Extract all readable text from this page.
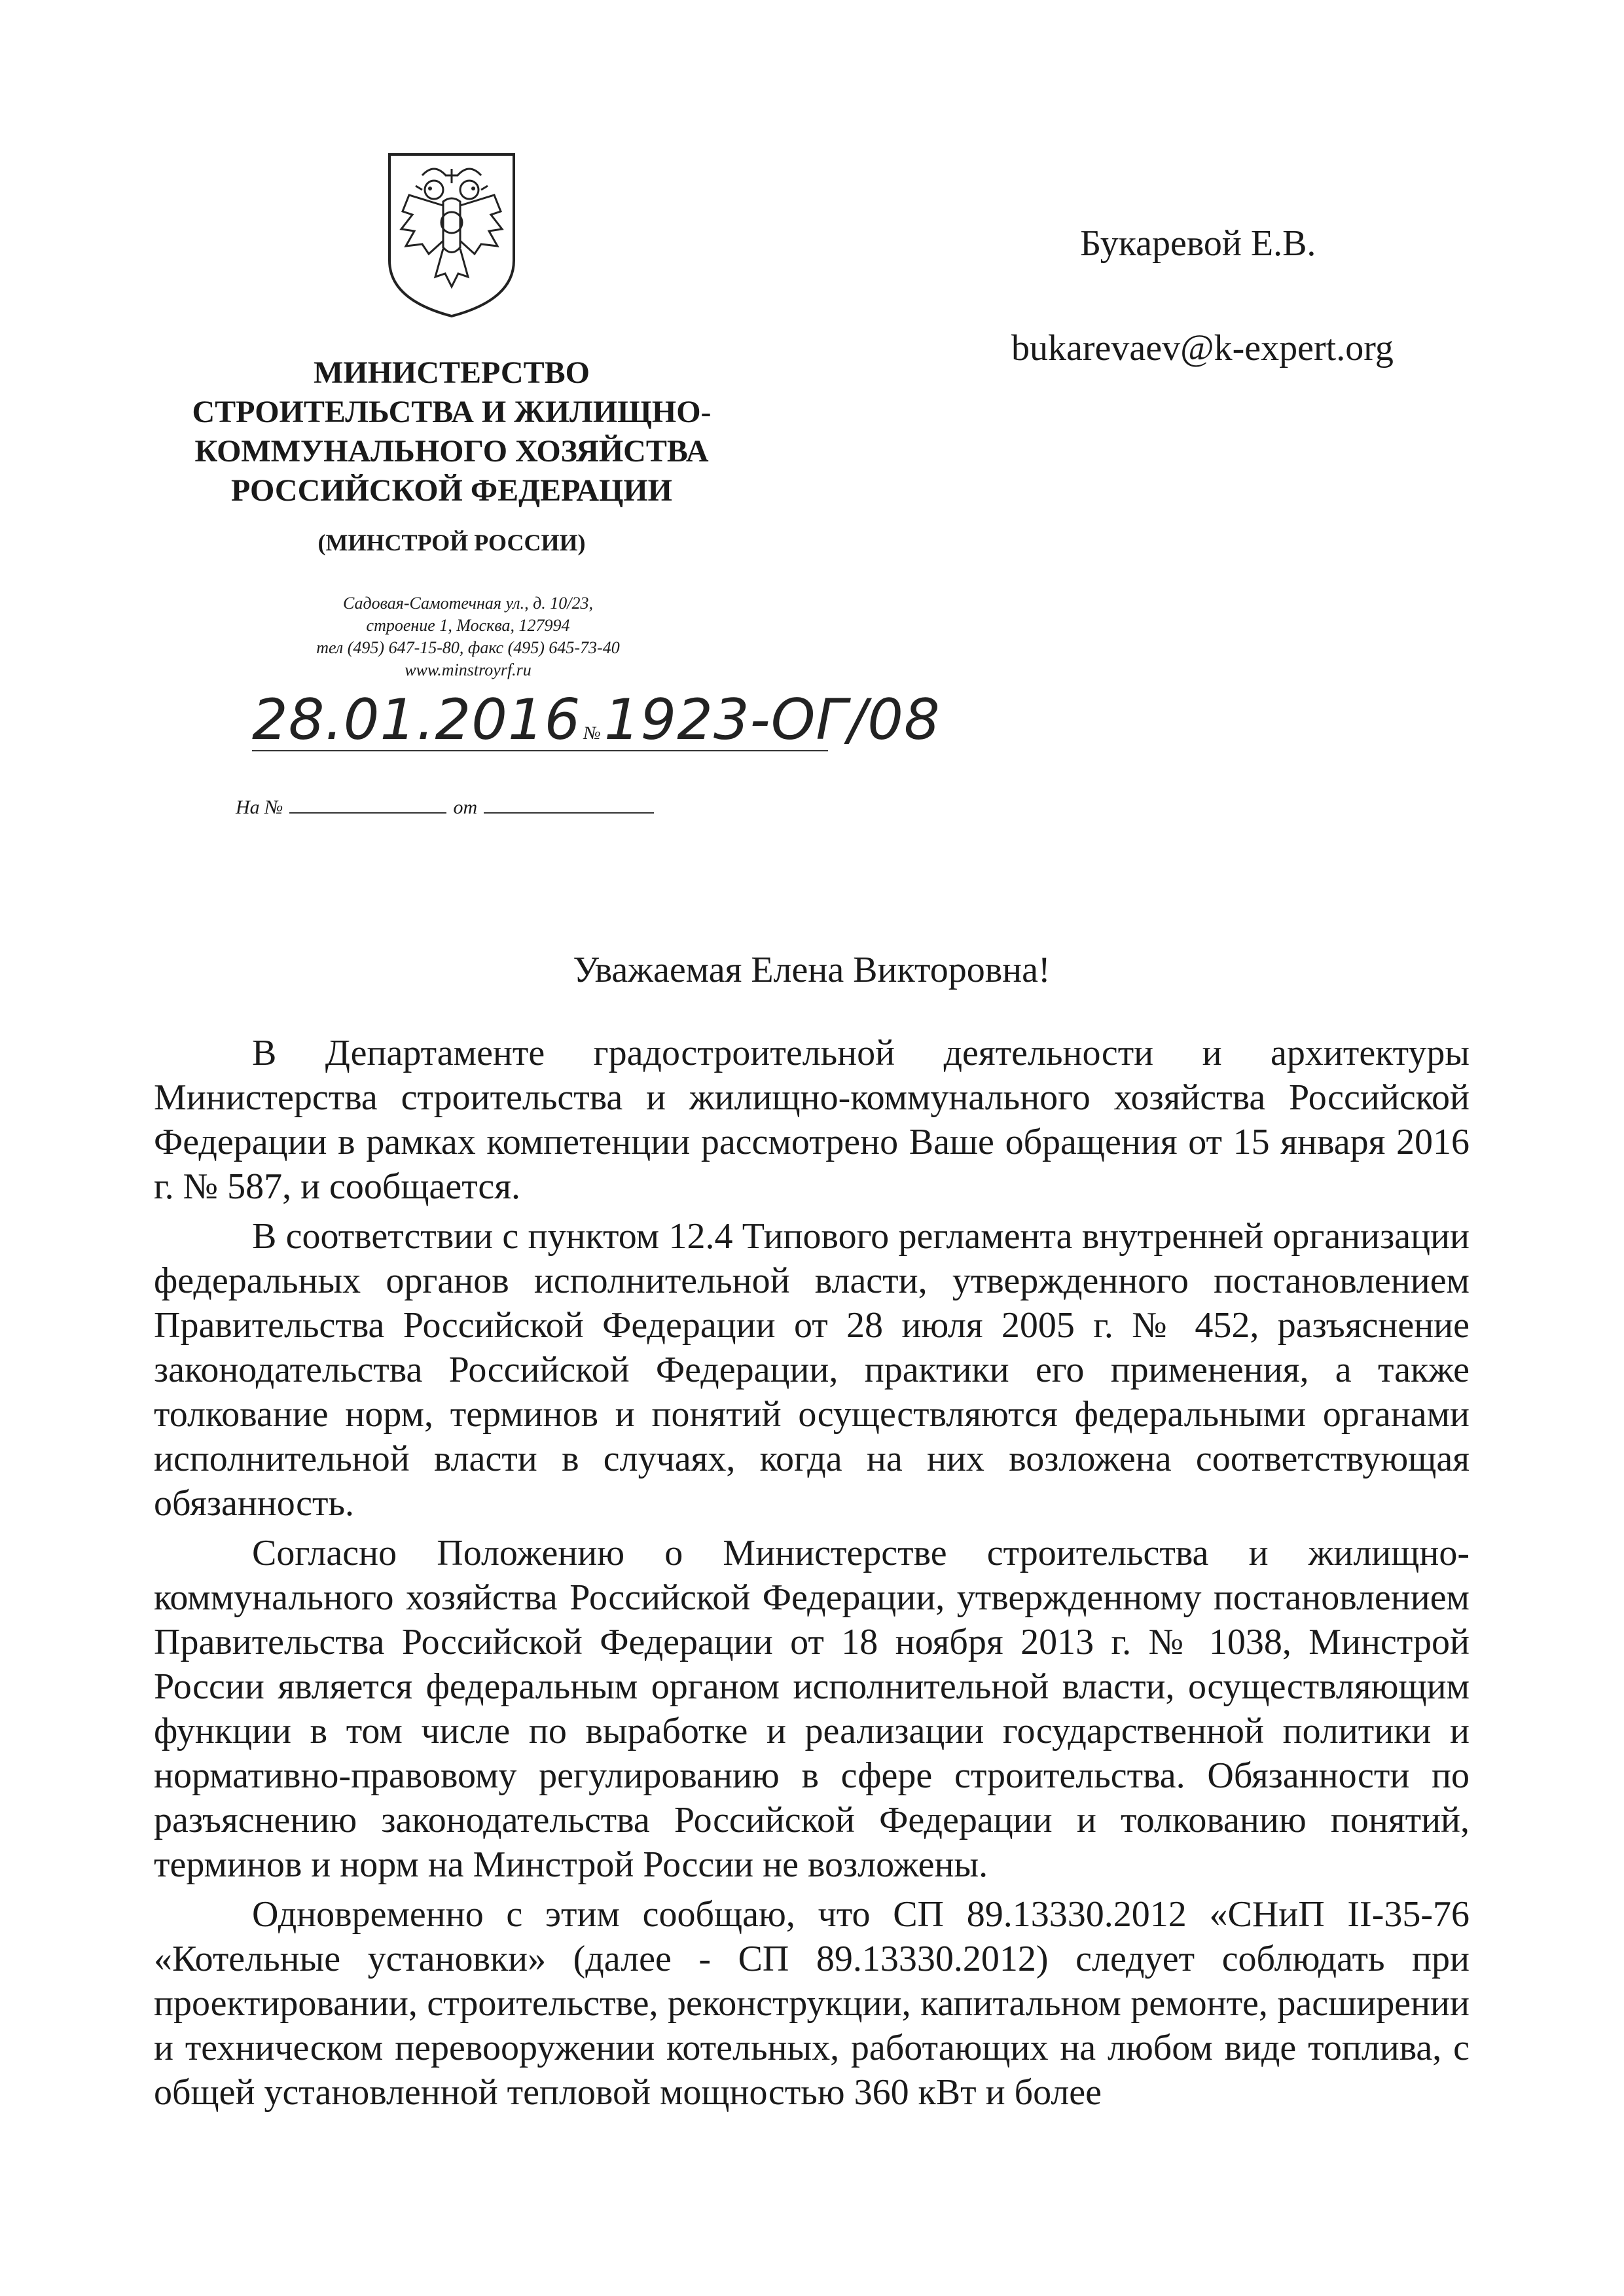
МИНИСТЕРСТВО
СТРОИТЕЛЬСТВА И ЖИЛИЩНО-
КОММУНАЛЬНОГО ХОЗЯЙСТВА
РОССИЙСКОЙ ФЕДЕРАЦИИ
(МИНСТРОЙ РОССИИ)
Садовая-Самотечная ул., д. 10/23,
строение 1, Москва, 127994
тел (495) 647-15-80, факс (495) 645-73-40
www.minstroyrf.ru
28.01.2016 №1923-ОГ/08
На №	от
Букаревой Е.В.
bukarevaev@k-expert.org
Уважаемая Елена Викторовна!

В Департаменте градостроительной деятельности и архитектуры Министерства строительства и жилищно-коммунального хозяйства Российской Федерации в рамках компетенции рассмотрено Ваше обращения от 15 января 2016 г. № 587, и сообщается.

В соответствии с пунктом 12.4 Типового регламента внутренней организации федеральных органов исполнительной власти, утвержденного постановлением Правительства Российской Федерации от 28 июля 2005 г. № 452, разъяснение законодательства Российской Федерации, практики его применения, а также толкование норм, терминов и понятий осуществляются федеральными органами исполнительной власти в случаях, когда на них возложена соответствующая обязанность.

Согласно Положению о Министерстве строительства и жилищно-коммунального хозяйства Российской Федерации, утвержденному постановлением Правительства Российской Федерации от 18 ноября 2013 г. № 1038, Минстрой России является федеральным органом исполнительной власти, осуществляющим функции в том числе по выработке и реализации государственной политики и нормативно-правовому регулированию в сфере строительства. Обязанности по разъяснению законодательства Российской Федерации и толкованию понятий, терминов и норм на Минстрой России не возложены.

Одновременно с этим сообщаю, что СП 89.13330.2012 «СНиП II-35-76 «Котельные установки» (далее - СП 89.13330.2012) следует соблюдать при проектировании, строительстве, реконструкции, капитальном ремонте, расширении и техническом перевооружении котельных, работающих на любом виде топлива, с общей установленной тепловой мощностью 360 кВт и более
